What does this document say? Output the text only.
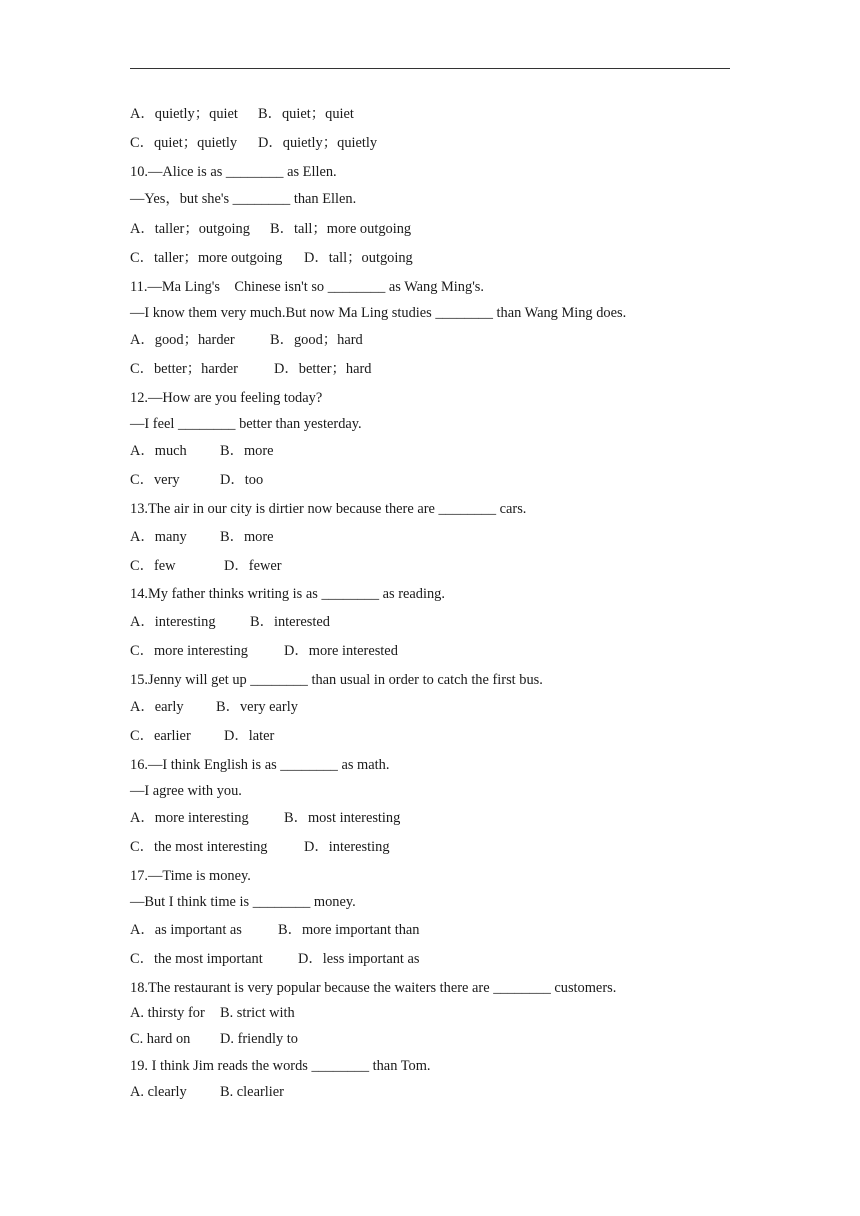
A．quietly；quiet B．quiet；quiet
C．quiet；quietly D．quietly；quietly
10.—Alice is as ________ as Ellen.
—Yes，but she's ________ than Ellen.
A．taller；outgoing B．tall；more outgoing
C．taller；more outgoing D．tall；outgoing
11.—Ma Ling's    Chinese isn't so ________ as Wang Ming's.
—I know them very much.But now Ma Ling studies ________ than Wang Ming does.
A．good；harder B．good；hard
C．better；harder	D．better；hard
12.—How are you feeling today?
—I feel ________ better than yesterday.
A．much B．more
C．very	D．too
13.The air in our city is dirtier now because there are ________ cars.
A．many B．more
C．few	D．fewer
14.My father thinks writing is as ________ as reading.
A．interesting B．interested
C．more interesting	D．more interested
15.Jenny will get up ________ than usual in order to catch the first bus.
A．early B．very early
C．earlier D．later
16.—I think English is as ________ as math.
—I agree with you.
A．more interesting B．most interesting
C．the most interesting	D．interesting
17.—Time is money.
—But I think time is ________ money.
A．as important as	B．more important than
C．the most important D．less important as
18.The restaurant is very popular because the waiters there are ________ customers.
A. thirsty for B. strict with
C. hard on D. friendly to
19. I think Jim reads the words ________ than Tom.
A. clearly B. clearlier
